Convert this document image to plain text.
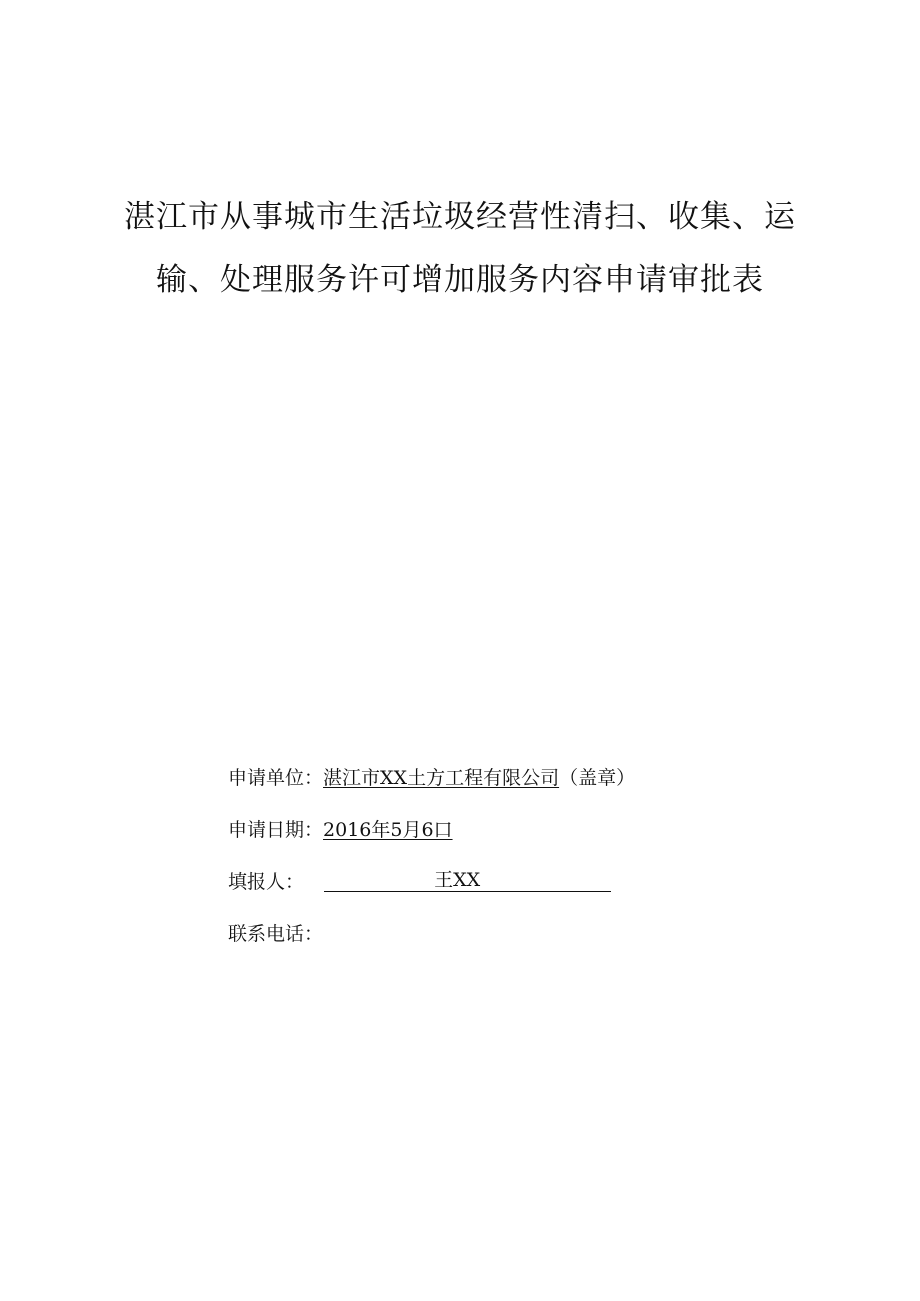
湛江市从事城市生活垃圾经营性清扫、收集、运
输、处理服务许可增加服务内容申请审批表
申请单位：湛江市XX土方工程有限公司（盖章）
申请日期：2016年5月6口
填报人：	王XX
联系电话：
